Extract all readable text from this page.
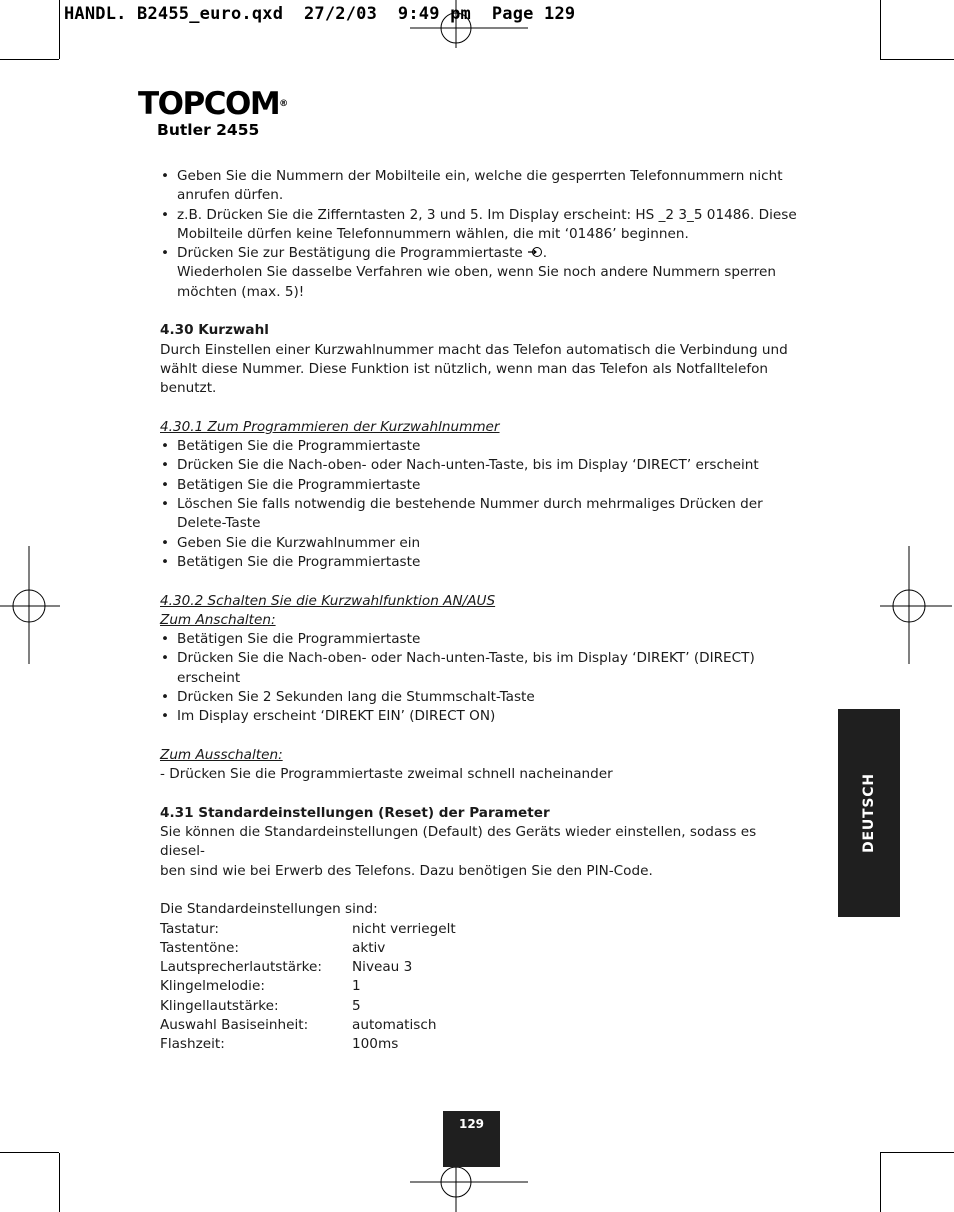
HANDL. B2455_euro.qxd  27/2/03  9:49 pm  Page 129
TOPCOM®
Butler 2455
• Geben Sie die Nummern der Mobilteile ein, welche die gesperrten Telefonnummern nicht anrufen dürfen.
• z.B. Drücken Sie die Zifferntasten 2, 3 und 5. Im Display erscheint: HS _2 3_5 01486. Diese Mobilteile dürfen keine Telefonnummern wählen, die mit ‘01486’ beginnen.
• Drücken Sie zur Bestätigung die Programmiertaste .
Wiederholen Sie dasselbe Verfahren wie oben, wenn Sie noch andere Nummern sperren möchten (max. 5)!
4.30 Kurzwahl

Durch Einstellen einer Kurzwahlnummer macht das Telefon automatisch die Verbindung und wählt diese Nummer. Diese Funktion ist nützlich, wenn man das Telefon als Notfalltelefon benutzt.

4.30.1 Zum Programmieren der Kurzwahlnummer
• Betätigen Sie die Programmiertaste
• Drücken Sie die Nach-oben- oder Nach-unten-Taste, bis im Display ‘DIRECT’ erscheint
• Betätigen Sie die Programmiertaste
• Löschen Sie falls notwendig die bestehende Nummer durch mehrmaliges Drücken der Delete-Taste
• Geben Sie die Kurzwahlnummer ein
• Betätigen Sie die Programmiertaste
4.30.2 Schalten Sie die Kurzwahlfunktion AN/AUS
Zum Anschalten:
• Betätigen Sie die Programmiertaste
• Drücken Sie die Nach-oben- oder Nach-unten-Taste, bis im Display ‘DIREKT’ (DIRECT) erscheint
• Drücken Sie 2 Sekunden lang die Stummschalt-Taste
• Im Display erscheint ‘DIREKT EIN’ (DIRECT ON)
Zum Ausschalten:

- Drücken Sie die Programmiertaste zweimal schnell nacheinander

4.31 Standardeinstellungen (Reset) der Parameter

Sie können die Standardeinstellungen (Default) des Geräts wieder einstellen, sodass es diesel-
ben sind wie bei Erwerb des Telefons. Dazu benötigen Sie den PIN-Code.

Die Standardeinstellungen sind:

Tastatur:	nicht verriegelt
Tastentöne:	aktiv
Lautsprecherlautstärke:	Niveau 3
Klingelmelodie:	1
Klingellautstärke:	5
Auswahl Basiseinheit:	automatisch
Flashzeit:	100ms
DEUTSCH
129
